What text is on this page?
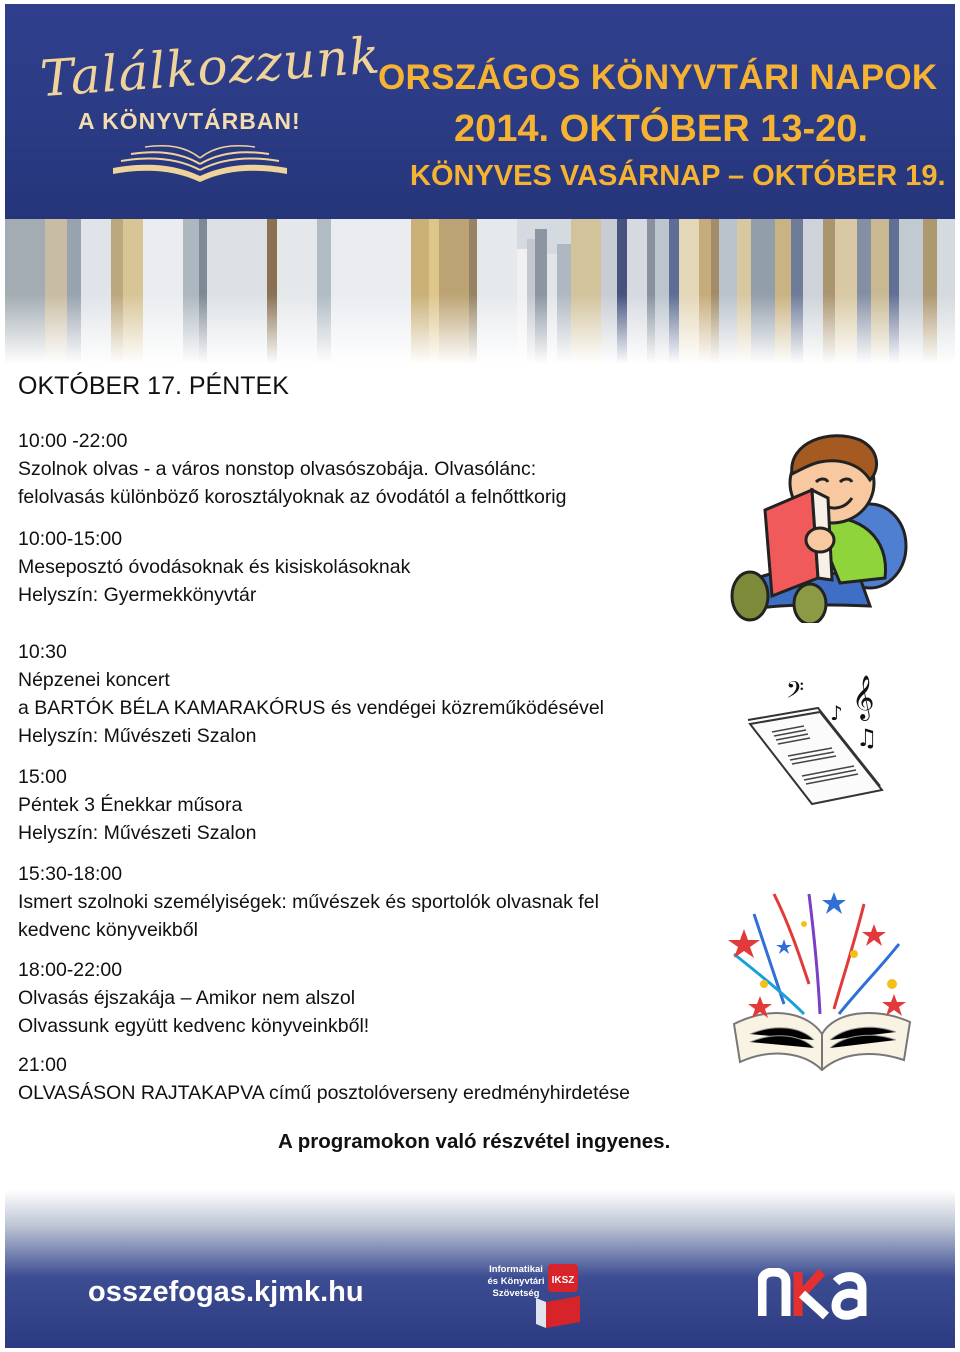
Találkozzunk
A KÖNYVTÁRBAN!
ORSZÁGOS KÖNYVTÁRI NAPOK
2014. OKTÓBER 13-20.
KÖNYVES VASÁRNAP – OKTÓBER 19.
OKTÓBER 17. PÉNTEK
10:00 -22:00
Szolnok olvas - a város nonstop olvasószobája. Olvasólánc:
felolvasás különböző korosztályoknak az óvodától a felnőttkorig
10:00-15:00
Meseposztó óvodásoknak és kisiskolásoknak
Helyszín: Gyermekkönyvtár
10:30
Népzenei koncert
a BARTÓK BÉLA KAMARAKÓRUS és vendégei közreműködésével
Helyszín: Művészeti Szalon
15:00
Péntek 3 Énekkar műsora
Helyszín: Művészeti Szalon
15:30-18:00
Ismert szolnoki személyiségek: művészek és sportolók olvasnak fel
kedvenc könyveikből
18:00-22:00
Olvasás éjszakája – Amikor nem alszol
Olvassunk együtt kedvenc könyveinkből!
21:00
OLVASÁSON RAJTAKAPVA című posztolóverseny eredményhirdetése
A programokon való részvétel ingyenes.
𝄢 𝄞
♪
♫
osszefogas.kjmk.hu	IKSZ
Informatikai
és Könyvtári
Szövetség
